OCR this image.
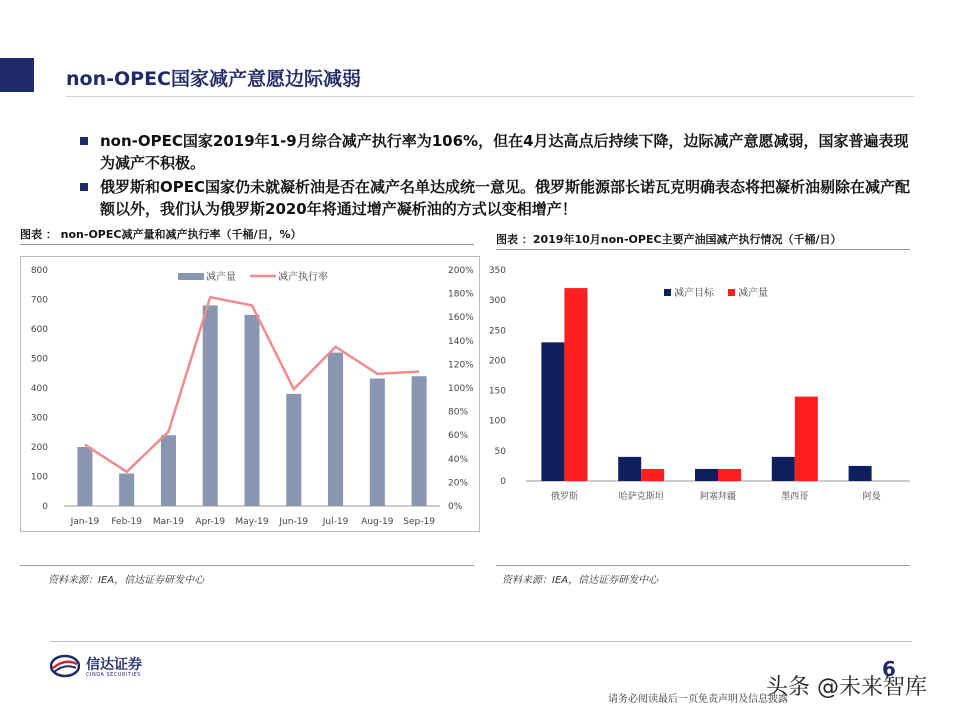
non-OPEC国家减产意愿边际减弱
non-OPEC国家2019年1-9月综合减产执行率为106%，但在4月达高点后持续下降，边际减产意愿减弱，国家普遍表现为减产不积极。
俄罗斯和OPEC国家仍未就凝析油是否在减产名单达成统一意见。俄罗斯能源部长诺瓦克明确表态将把凝析油剔除在减产配额以外，我们认为俄罗斯2020年将通过增产凝析油的方式以变相增产！
图表 ： non-OPEC减产量和减产执行率（千桶/日，%）	图表 ：2019年10月non-OPEC主要产油国减产执行情况（千桶/日）
0
100
200
300
400
500
600
700
800
0%
20%
40%
60%
80%
100%
120%
140%
160%
180%
200%
Jan-19 Feb-19 Mar-19 Apr-19 May-19 Jun-19 Jul-19 Aug-19 Sep-19
减产量	减产执行率
0
50
100
150
200
250
300
350
俄罗斯	哈萨克斯坦	阿塞拜疆	墨西哥	阿曼
减产目标 减产量
资料来源：IEA，信达证券研发中心	资料来源：IEA，信达证券研发中心
信达证券
CINDA SECURITIES	6
头条 @未来智库
请务必阅读最后一页免责声明及信息披露
